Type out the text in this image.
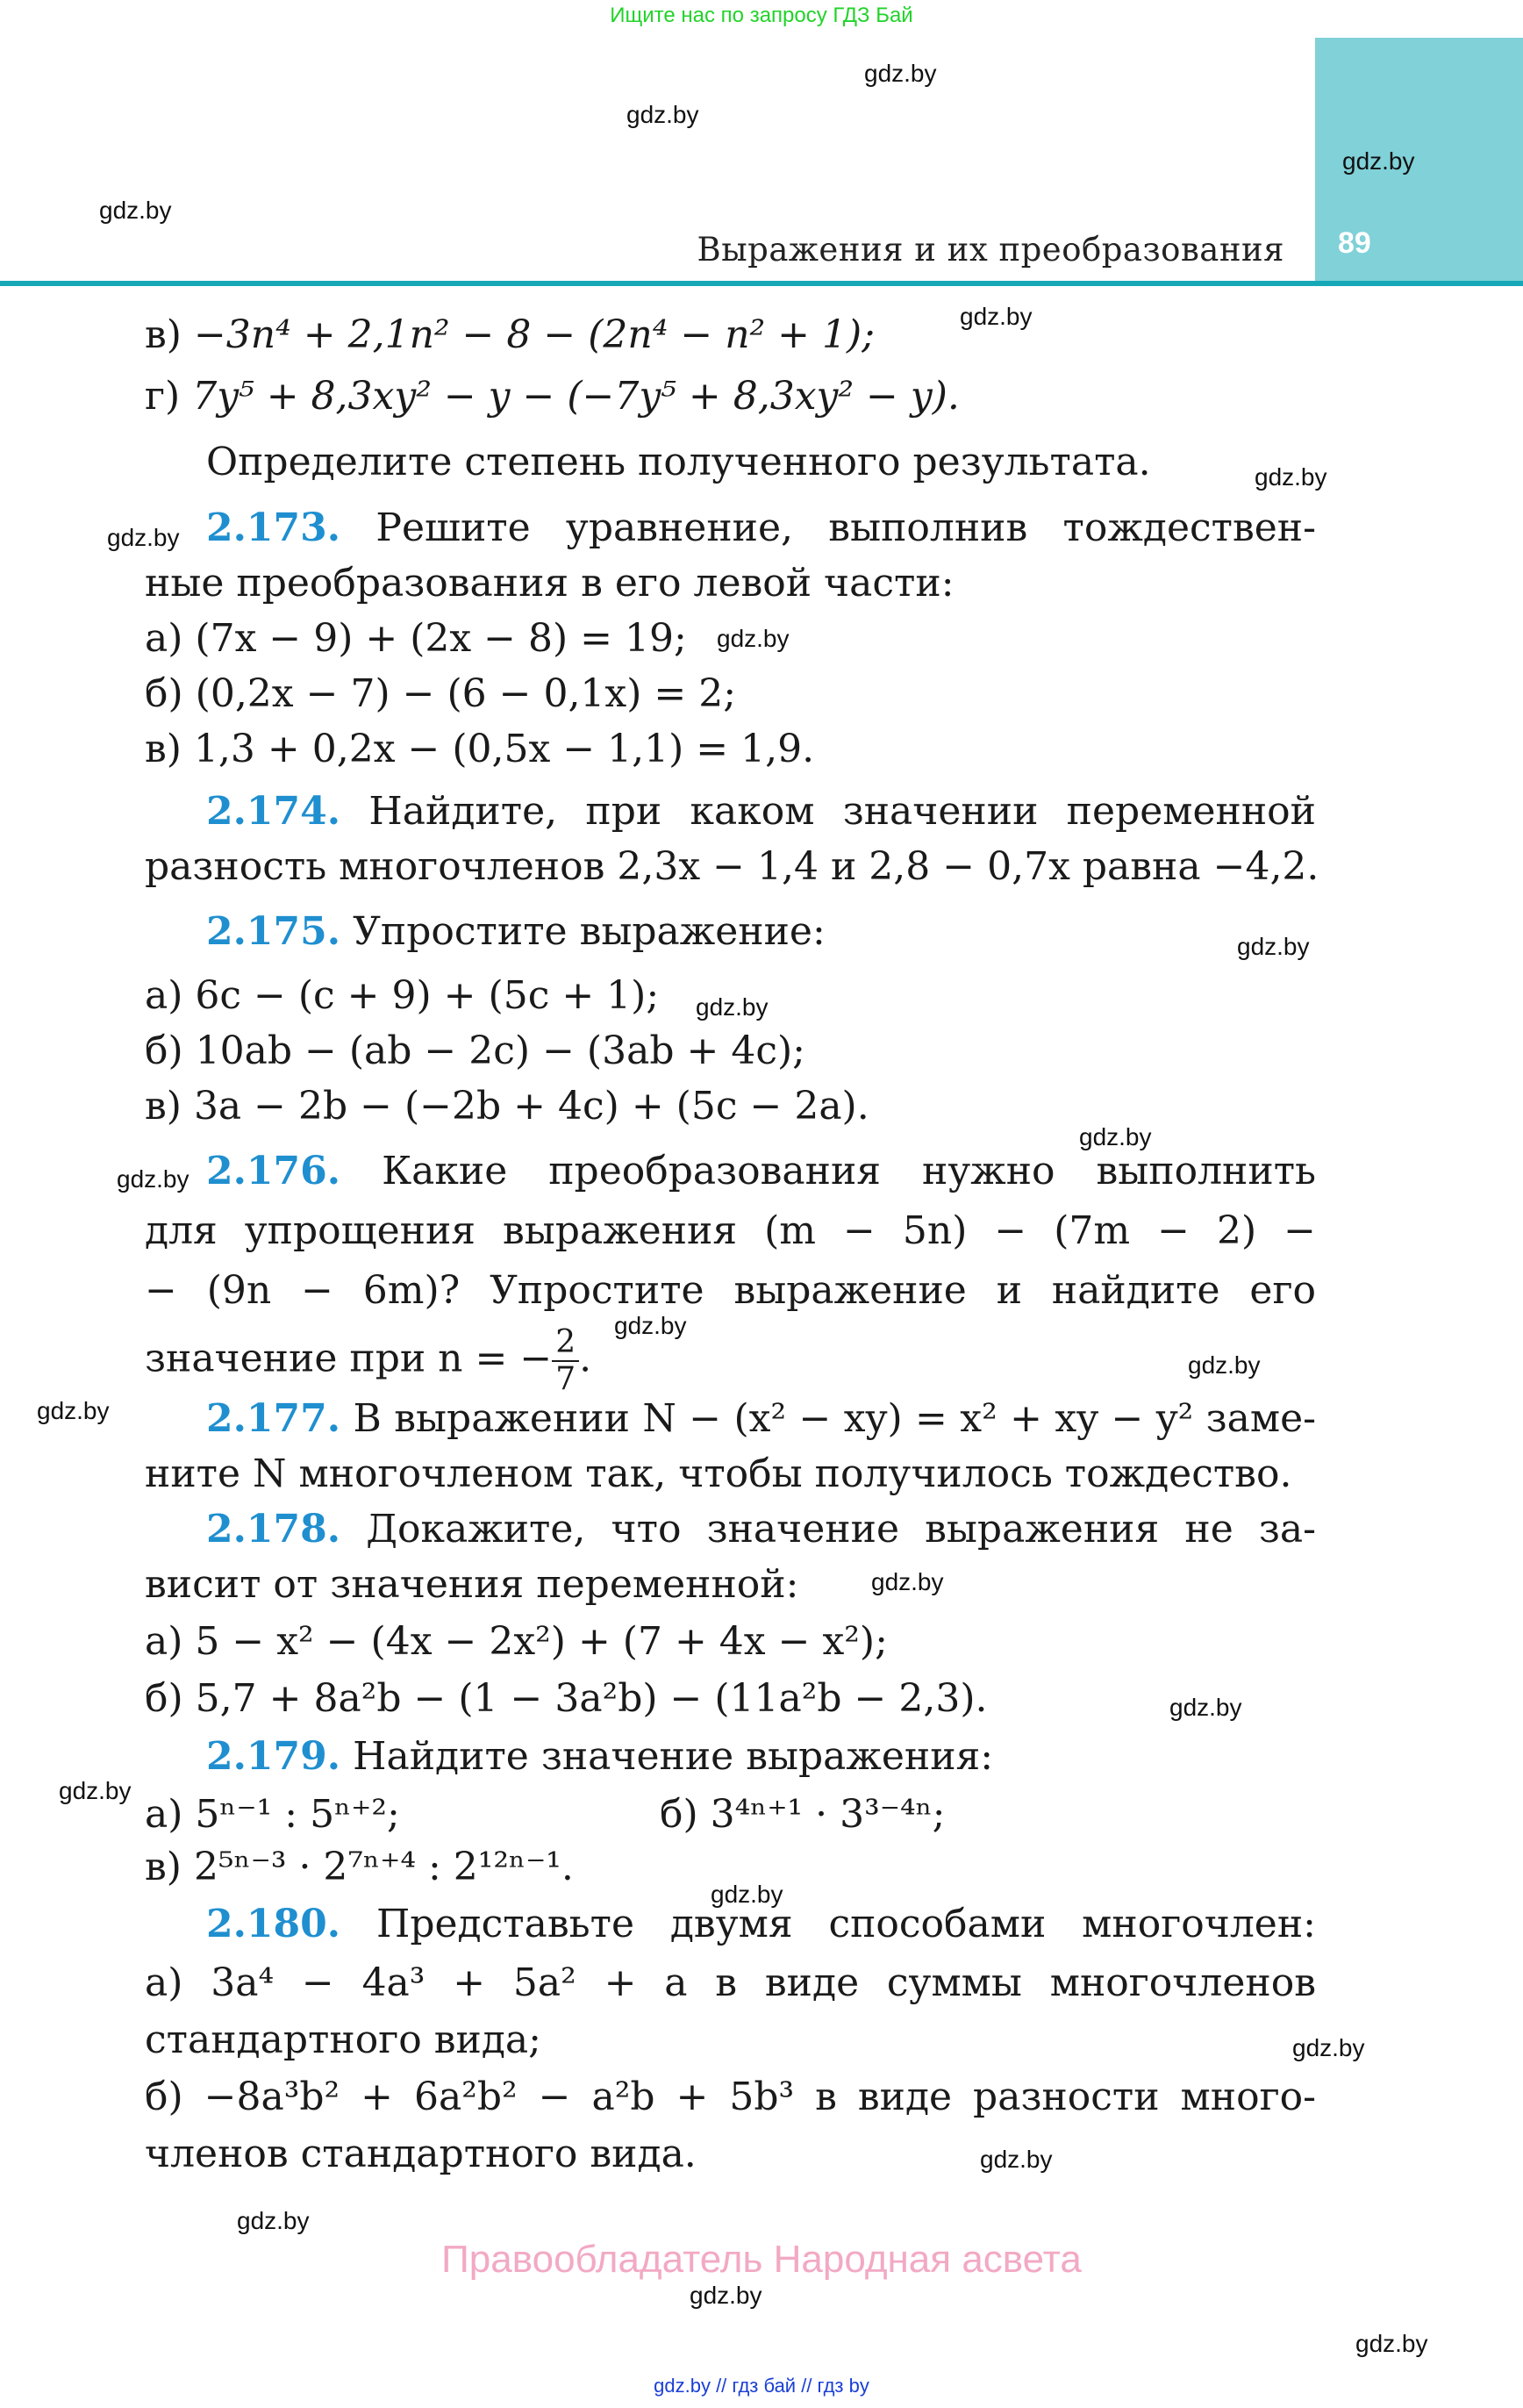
Ищите нас по запросу ГДЗ Бай
89
Выражения и их преобразования
gdz.by
gdz.by
gdz.by
gdz.by
gdz.by
gdz.by
gdz.by
gdz.by
gdz.by
gdz.by
gdz.by
gdz.by
gdz.by
gdz.by
gdz.by
gdz.by
gdz.by
gdz.by
gdz.by
gdz.by
gdz.by
gdz.by
gdz.by
gdz.by
в) −3n⁴ + 2,1n² − 8 − (2n⁴ − n² + 1);
г) 7y⁵ + 8,3xy² − y − (−7y⁵ + 8,3xy² − y).
Определите степень полученного результата.
2.173. Решите уравнение, выполнив тождествен-
ные преобразования в его левой части:
а) (7x − 9) + (2x − 8) = 19;
б) (0,2x − 7) − (6 − 0,1x) = 2;
в) 1,3 + 0,2x − (0,5x − 1,1) = 1,9.
2.174. Найдите, при каком значении переменной
разность многочленов 2,3x − 1,4 и 2,8 − 0,7x равна −4,2.
2.175. Упростите выражение:
а) 6c − (c + 9) + (5c + 1);
б) 10ab − (ab − 2c) − (3ab + 4c);
в) 3a − 2b − (−2b + 4c) + (5c − 2a).
2.176. Какие преобразования нужно выполнить
для упрощения выражения (m − 5n) − (7m − 2) −
− (9n − 6m)? Упростите выражение и найдите его
значение при n = − $\frac{2}{7}$ .
2.177. В выражении N − (x² − xy) = x² + xy − y² заме-
ните N многочленом так, чтобы получилось тождество.
2.178. Докажите, что значение выражения не за-
висит от значения переменной:
а) 5 − x² − (4x − 2x²) + (7 + 4x − x²);
б) 5,7 + 8a²b − (1 − 3a²b) − (11a²b − 2,3).
2.179. Найдите значение выражения:
а) 5ⁿ⁻¹ : 5ⁿ⁺²;	б) 3⁴ⁿ⁺¹ · 3³⁻⁴ⁿ;
в) 2⁵ⁿ⁻³ · 2⁷ⁿ⁺⁴ : 2¹²ⁿ⁻¹.
2.180. Представьте двумя способами многочлен:
а) 3a⁴ − 4a³ + 5a² + a в виде суммы многочленов
стандартного вида;
б) −8a³b² + 6a²b² − a²b + 5b³ в виде разности много-
членов стандартного вида.
Правообладатель Народная асвета
gdz.by // гдз бай // гдз by
